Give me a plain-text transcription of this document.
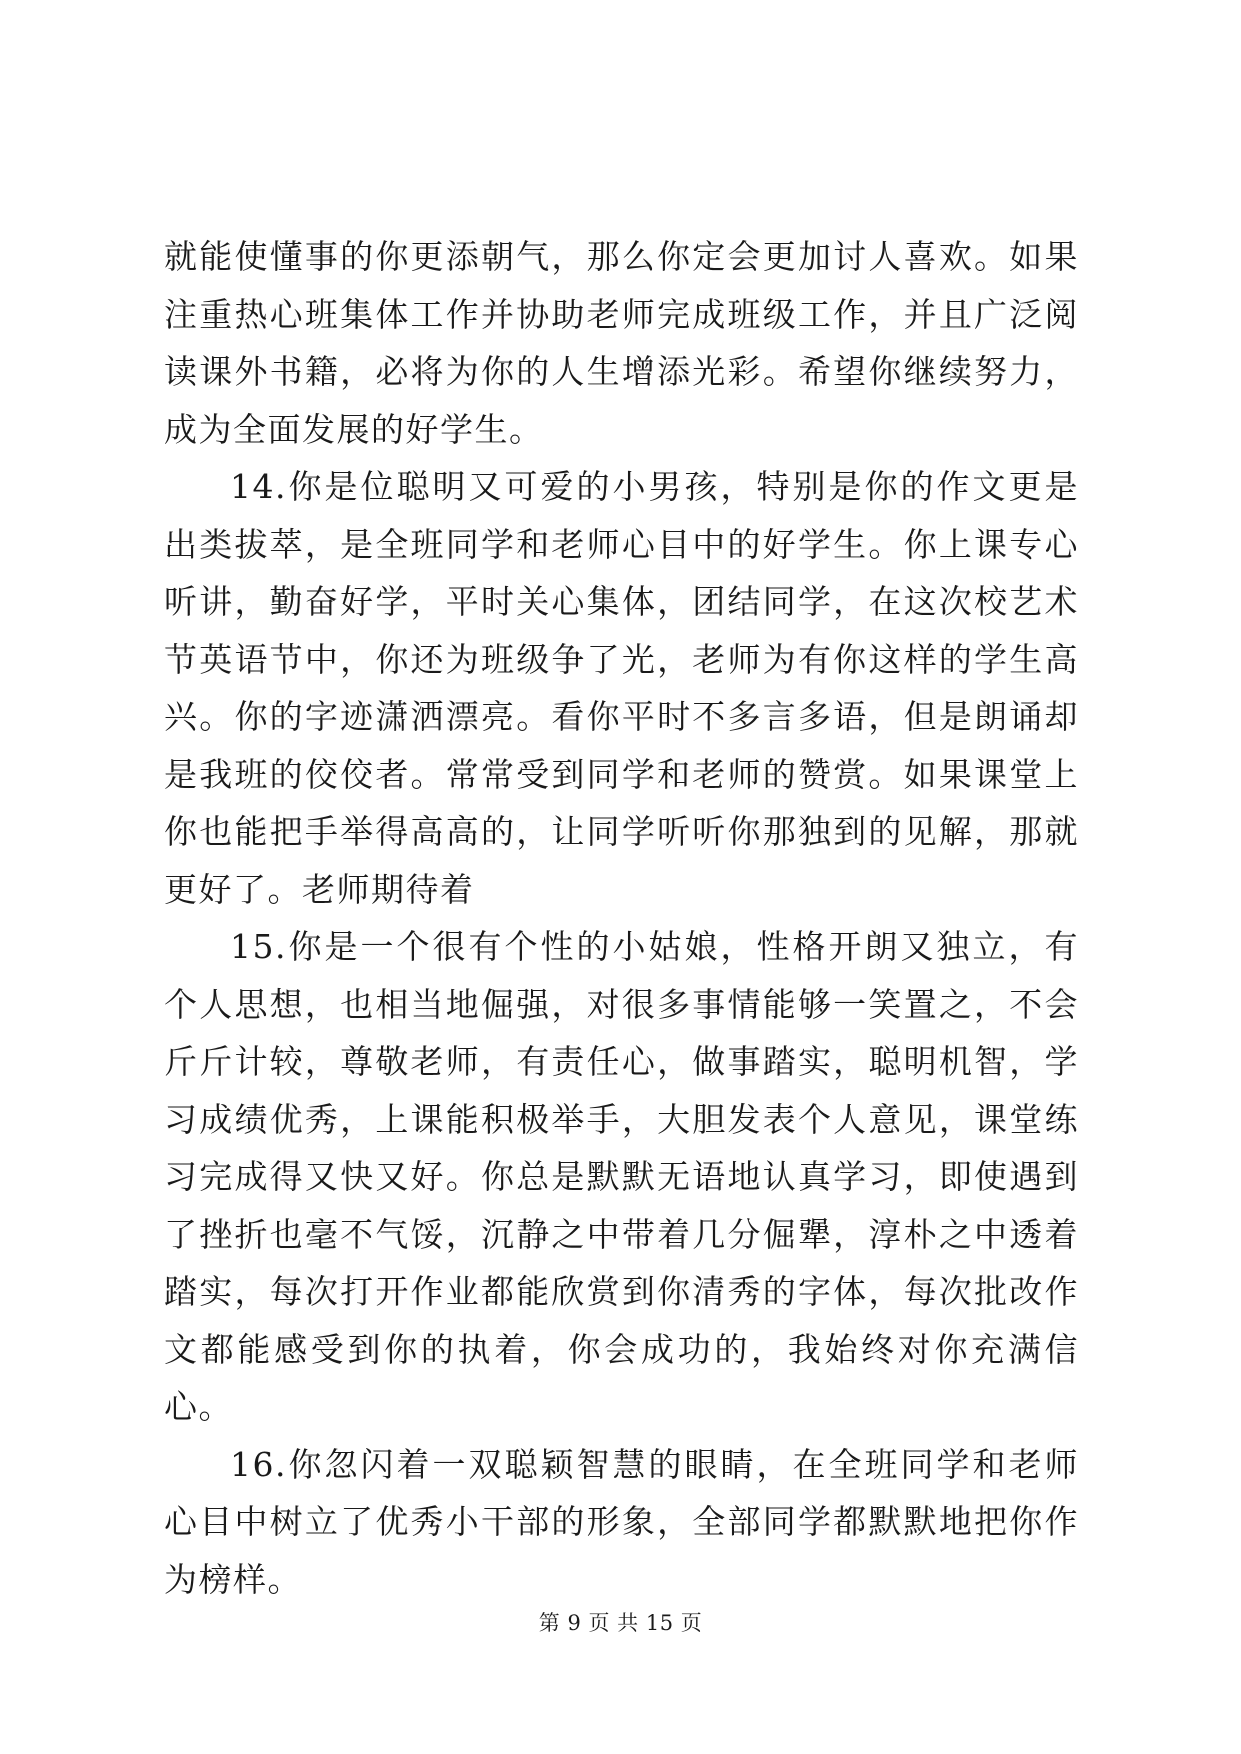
就能使懂事的你更添朝气，那么你定会更加讨人喜欢。如果注重热心班集体工作并协助老师完成班级工作，并且广泛阅读课外书籍，必将为你的人生增添光彩。希望你继续努力，成为全面发展的好学生。

14.你是位聪明又可爱的小男孩，特别是你的作文更是出类拔萃，是全班同学和老师心目中的好学生。你上课专心听讲，勤奋好学，平时关心集体，团结同学，在这次校艺术节英语节中，你还为班级争了光，老师为有你这样的学生高兴。你的字迹潇洒漂亮。看你平时不多言多语，但是朗诵却是我班的佼佼者。常常受到同学和老师的赞赏。如果课堂上你也能把手举得高高的，让同学听听你那独到的见解，那就更好了。老师期待着

15.你是一个很有个性的小姑娘，性格开朗又独立，有个人思想，也相当地倔强，对很多事情能够一笑置之，不会斤斤计较，尊敬老师，有责任心，做事踏实，聪明机智，学习成绩优秀，上课能积极举手，大胆发表个人意见，课堂练习完成得又快又好。你总是默默无语地认真学习，即使遇到了挫折也毫不气馁，沉静之中带着几分倔犟，淳朴之中透着踏实，每次打开作业都能欣赏到你清秀的字体，每次批改作文都能感受到你的执着，你会成功的，我始终对你充满信心。

16.你忽闪着一双聪颖智慧的眼睛，在全班同学和老师心目中树立了优秀小干部的形象，全部同学都默默地把你作为榜样。

第 9 页 共 15 页
